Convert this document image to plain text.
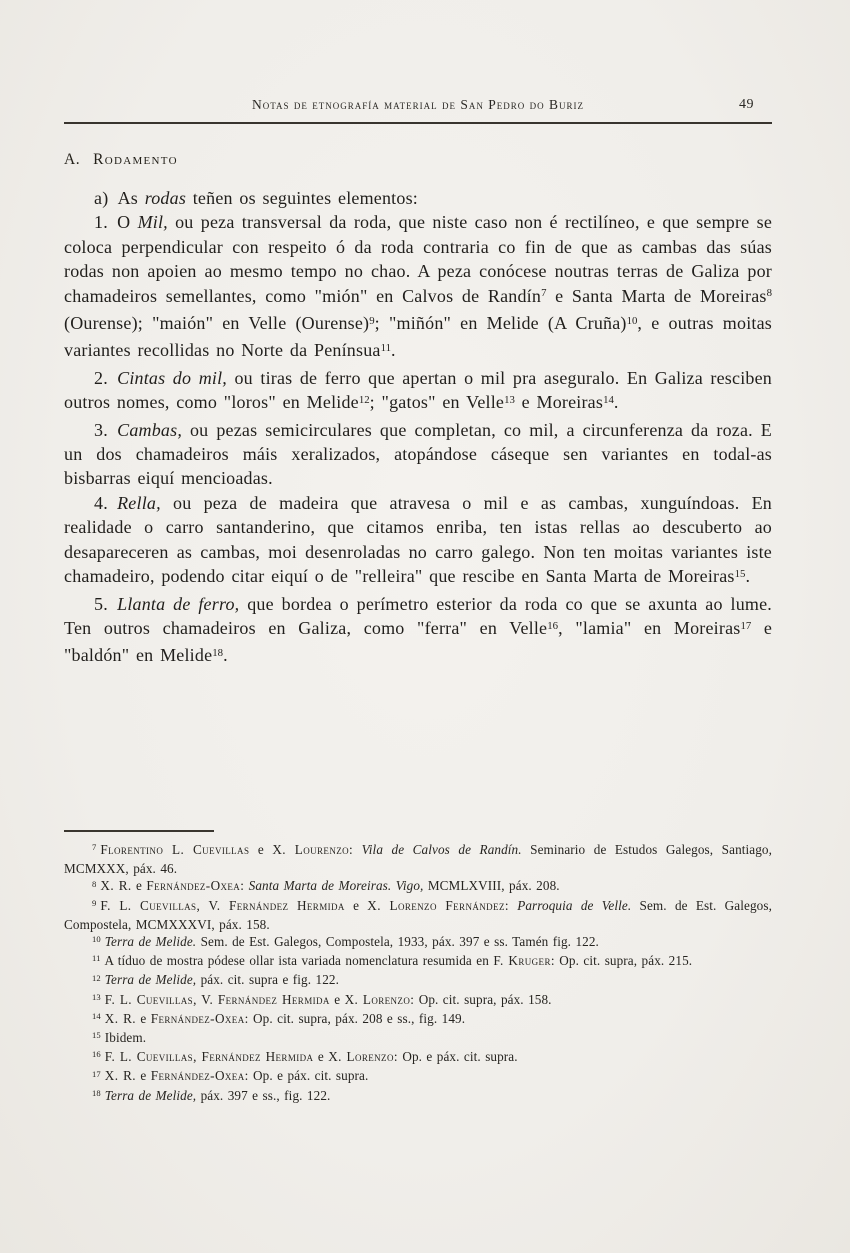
Notas de etnografía material de San Pedro do Buriz	49
A. Rodamento

a) As rodas teñen os seguintes elementos:

1. O Mil, ou peza transversal da roda, que niste caso non é rectilíneo, e que sempre se coloca perpendicular con respeito ó da roda contraria co fin de que as cambas das súas rodas non apoien ao mesmo tempo no chao. A peza conócese noutras terras de Galiza por chamadeiros semellantes, como "mión" en Calvos de Randín$^7$ e Santa Marta de Moreiras$^8$ (Ourense); "maión" en Velle (Ourense)$^9$; "miñón" en Melide (A Cruña)$^{10}$, e outras moitas variantes recollidas no Norte da Penínsua$^{11}$.

2. Cintas do mil, ou tiras de ferro que apertan o mil pra aseguralo. En Galiza resciben outros nomes, como "loros" en Melide$^{12}$; "gatos" en Velle$^{13}$ e Moreiras$^{14}$.

3. Cambas, ou pezas semicirculares que completan, co mil, a circunferenza da roza. E un dos chamadeiros máis xeralizados, atopándose cáseque sen variantes en todal-as bisbarras eiquí mencioadas.

4. Rella, ou peza de madeira que atravesa o mil e as cambas, xunguíndoas. En realidade o carro santanderino, que citamos enriba, ten istas rellas ao descuberto ao desapareceren as cambas, moi desenroladas no carro galego. Non ten moitas variantes iste chamadeiro, podendo citar eiquí o de "relleira" que rescibe en Santa Marta de Moreiras$^{15}$.

5. Llanta de ferro, que bordea o perímetro esterior da roda co que se axunta ao lume. Ten outros chamadeiros en Galiza, como "ferra" en Velle$^{16}$, "lamia" en Moreiras$^{17}$ e "baldón" en Melide$^{18}$.

$^7$ Florentino L. Cuevillas e X. Lourenzo: Vila de Calvos de Randín. Seminario de Estudos Galegos, Santiago, MCMXXX, páx. 46.

$^8$ X. R. e Fernández-Oxea: Santa Marta de Moreiras. Vigo, MCMLXVIII, páx. 208.

$^9$ F. L. Cuevillas, V. Fernández Hermida e X. Lorenzo Fernández: Parroquia de Velle. Sem. de Est. Galegos, Compostela, MCMXXXVI, páx. 158.

$^{10}$ Terra de Melide. Sem. de Est. Galegos, Compostela, 1933, páx. 397 e ss. Tamén fig. 122.

$^{11}$ A tíduo de mostra pódese ollar ista variada nomenclatura resumida en F. Kruger: Op. cit. supra, páx. 215.

$^{12}$ Terra de Melide, páx. cit. supra e fig. 122.

$^{13}$ F. L. Cuevillas, V. Fernández Hermida e X. Lorenzo: Op. cit. supra, páx. 158.

$^{14}$ X. R. e Fernández-Oxea: Op. cit. supra, páx. 208 e ss., fig. 149.

$^{15}$ Ibidem.

$^{16}$ F. L. Cuevillas, Fernández Hermida e X. Lorenzo: Op. e páx. cit. supra.

$^{17}$ X. R. e Fernández-Oxea: Op. e páx. cit. supra.

$^{18}$ Terra de Melide, páx. 397 e ss., fig. 122.
